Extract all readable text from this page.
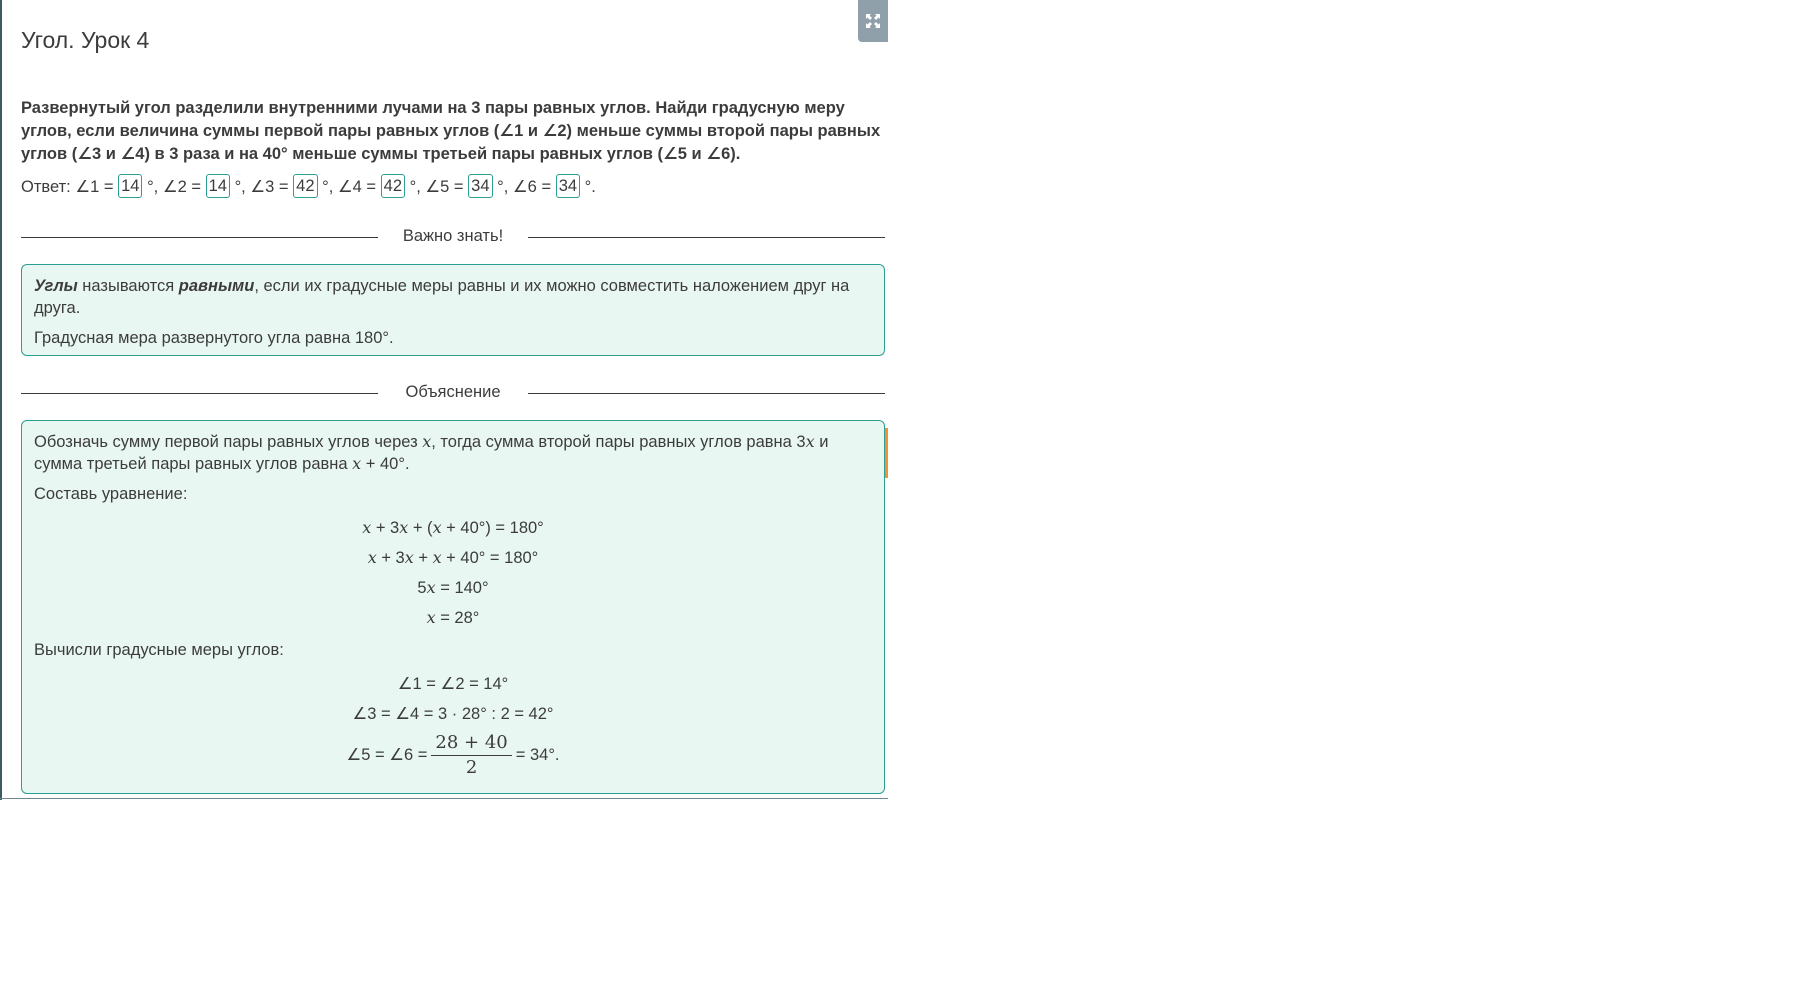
Угол. Урок 4
Развернутый угол разделили внутренними лучами на 3 пары равных углов. Найди градусную меру углов, если величина суммы первой пары равных углов (∠1 и ∠2) меньше суммы второй пары равных углов (∠3 и ∠4) в 3 раза и на 40° меньше суммы третьей пары равных углов (∠5 и ∠6).
Ответ: ∠1 = 14 °, ∠2 = 14 °, ∠3 = 42 °, ∠4 = 42 °, ∠5 = 34 °, ∠6 = 34 °.
Важно знать!

Углы называются равными, если их градусные меры равны и их можно совместить наложением друг на друга.

Градусная мера развернутого угла равна 180°.

Объяснение

Обозначь сумму первой пары равных углов через x, тогда сумма второй пары равных углов равна 3x и сумма третьей пары равных углов равна x + 40°.

Составь уравнение:

x + 3x + (x + 40°) = 180°
x + 3x + x + 40° = 180°
5x = 140°
x = 28°

Вычисли градусные меры углов:

∠1 = ∠2 = 14°
∠3 = ∠4 = 3 · 28° : 2 = 42°
∠5 = ∠6 = $\frac{28 + 40}{2} = 34^\circ$.
